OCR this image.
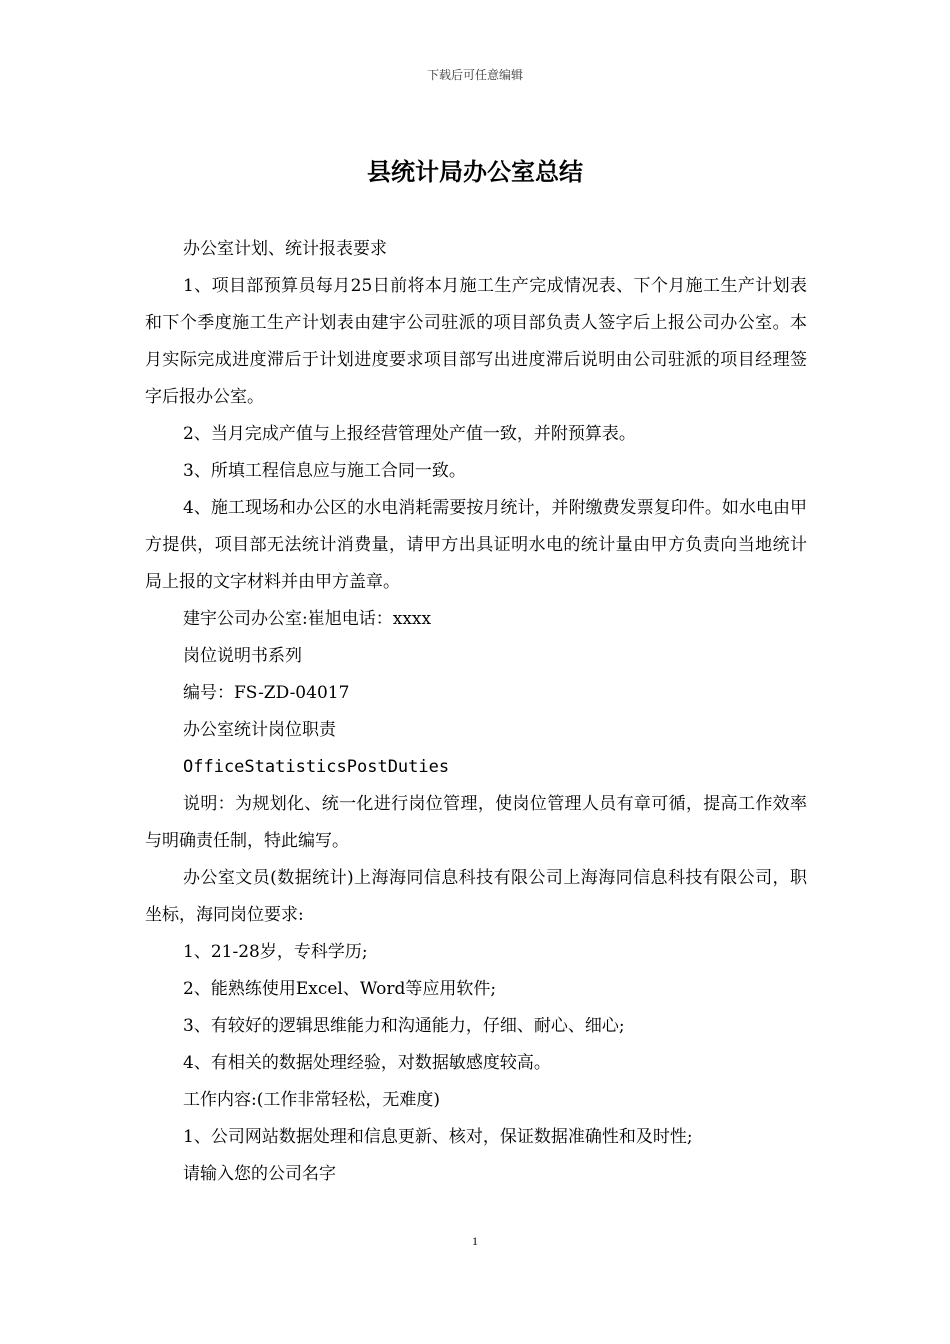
下载后可任意编辑
县统计局办公室总结

办公室计划、统计报表要求

1、项目部预算员每月25日前将本月施工生产完成情况表、下个月施工生产计划表和下个季度施工生产计划表由建宇公司驻派的项目部负责人签字后上报公司办公室。本月实际完成进度滞后于计划进度要求项目部写出进度滞后说明由公司驻派的项目经理签字后报办公室。

2、当月完成产值与上报经营管理处产值一致，并附预算表。

3、所填工程信息应与施工合同一致。

4、施工现场和办公区的水电消耗需要按月统计，并附缴费发票复印件。如水电由甲方提供，项目部无法统计消费量，请甲方出具证明水电的统计量由甲方负责向当地统计局上报的文字材料并由甲方盖章。

建宇公司办公室:崔旭电话：xxxx

岗位说明书系列

编号：FS-ZD-04017

办公室统计岗位职责

OfficeStatisticsPostDuties

说明：为规划化、统一化进行岗位管理，使岗位管理人员有章可循，提高工作效率与明确责任制，特此编写。

办公室文员(数据统计)上海海同信息科技有限公司上海海同信息科技有限公司，职坐标，海同岗位要求:

1、21-28岁，专科学历;

2、能熟练使用Excel、Word等应用软件;

3、有较好的逻辑思维能力和沟通能力，仔细、耐心、细心;

4、有相关的数据处理经验，对数据敏感度较高。

工作内容:(工作非常轻松，无难度)

1、公司网站数据处理和信息更新、核对，保证数据准确性和及时性;

请输入您的公司名字

1
